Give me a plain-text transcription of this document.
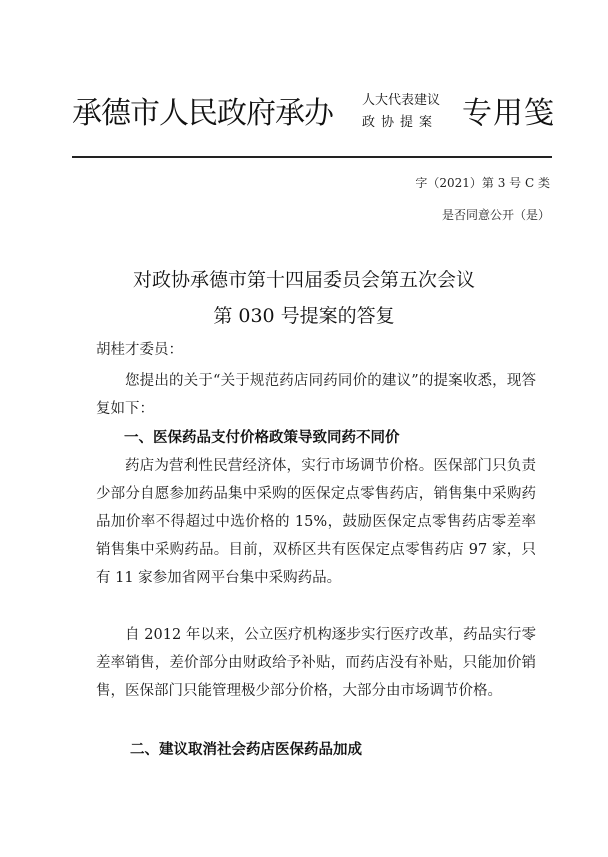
承德市人民政府承办 人大代表建议
政协提案 专用笺
字（2021）第 3 号 C 类
是否同意公开（是）
对政协承德市第十四届委员会第五次会议
第 030 号提案的答复
胡桂才委员：
您提出的关于“关于规范药店同药同价的建议”的提案收悉，现答复如下：
一、医保药品支付价格政策导致同药不同价
药店为营利性民营经济体，实行市场调节价格。医保部门只负责少部分自愿参加药品集中采购的医保定点零售药店，销售集中采购药品加价率不得超过中选价格的 15%，鼓励医保定点零售药店零差率销售集中采购药品。目前，双桥区共有医保定点零售药店 97 家，只有 11 家参加省网平台集中采购药品。
自 2012 年以来，公立医疗机构逐步实行医疗改革，药品实行零差率销售，差价部分由财政给予补贴，而药店没有补贴，只能加价销售，医保部门只能管理极少部分价格，大部分由市场调节价格。
二、建议取消社会药店医保药品加成
